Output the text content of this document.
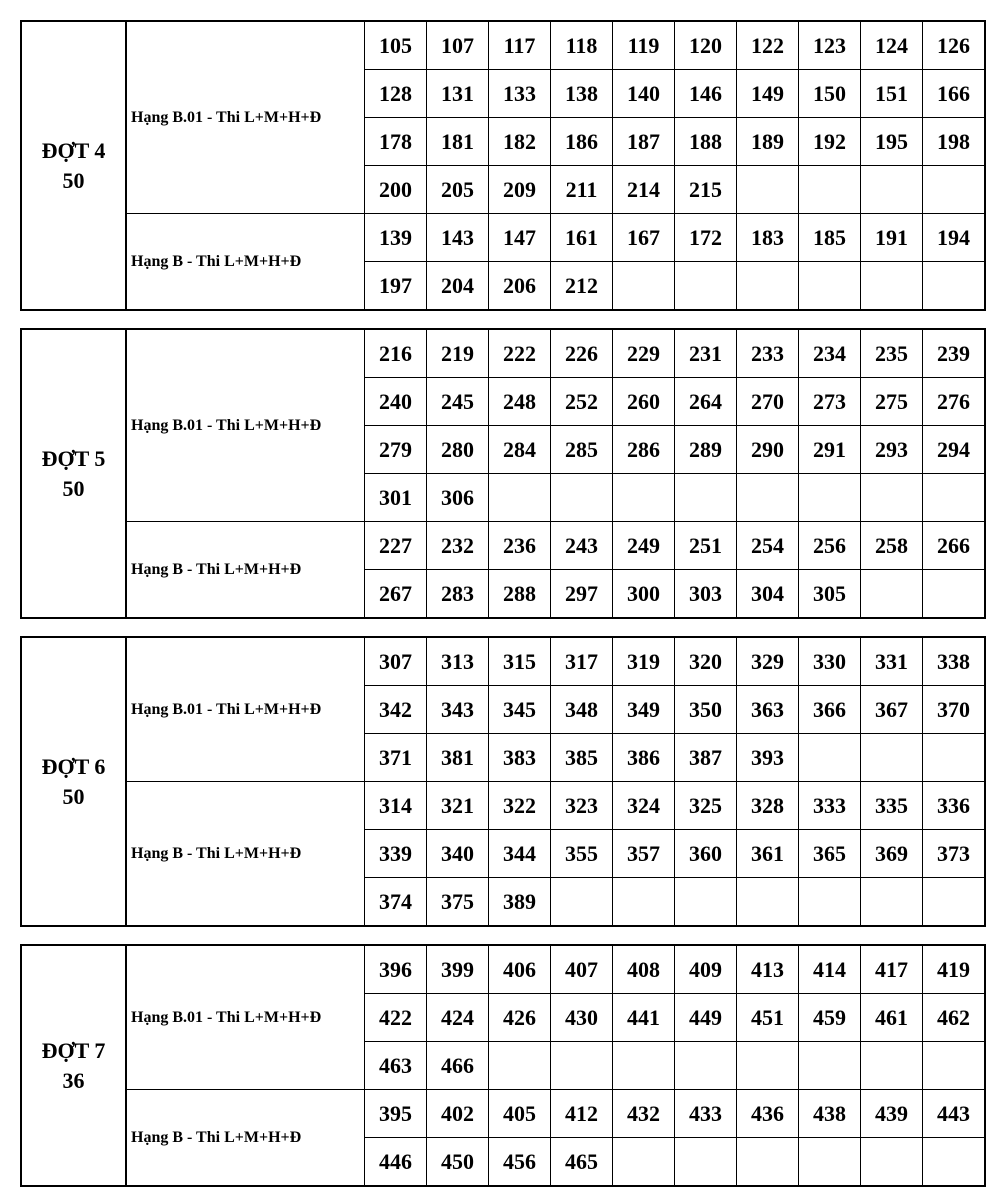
ĐỢT 4
50	Hạng B.01 - Thi L+M+H+Đ	105	107	117	118	119	120	122	123	124	126
		128	131	133	138	140	146	149	150	151	166
		178	181	182	186	187	188	189	192	195	198
		200	205	209	211	214	215				
	Hạng B - Thi L+M+H+Đ	139	143	147	161	167	172	183	185	191	194
		197	204	206	212						
ĐỢT 5
50	Hạng B.01 - Thi L+M+H+Đ	216	219	222	226	229	231	233	234	235	239
		240	245	248	252	260	264	270	273	275	276
		279	280	284	285	286	289	290	291	293	294
		301	306								
	Hạng B - Thi L+M+H+Đ	227	232	236	243	249	251	254	256	258	266
		267	283	288	297	300	303	304	305		
ĐỢT 6
50	Hạng B.01 - Thi L+M+H+Đ	307	313	315	317	319	320	329	330	331	338
		342	343	345	348	349	350	363	366	367	370
		371	381	383	385	386	387	393			
	Hạng B - Thi L+M+H+Đ	314	321	322	323	324	325	328	333	335	336
		339	340	344	355	357	360	361	365	369	373
		374	375	389							
ĐỢT 7
36	Hạng B.01 - Thi L+M+H+Đ	396	399	406	407	408	409	413	414	417	419
		422	424	426	430	441	449	451	459	461	462
		463	466								
	Hạng B - Thi L+M+H+Đ	395	402	405	412	432	433	436	438	439	443
		446	450	456	465						
